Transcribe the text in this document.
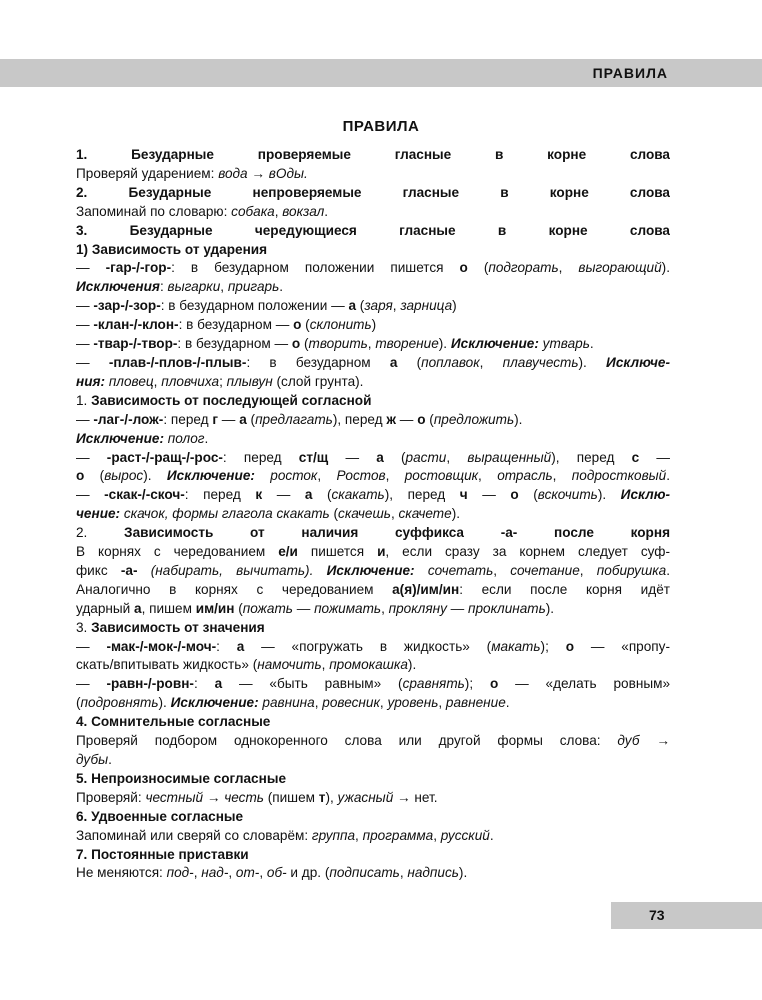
ПРАВИЛА
ПРАВИЛА
1. Безударные проверяемые гласные в корне слова
Проверяй ударением: вода → вОды.
2. Безударные непроверяемые гласные в корне слова
Запоминай по словарю: собака, вокзал.
3. Безударные чередующиеся гласные в корне слова
1) Зависимость от ударения
— -гар-/-гор-: в безударном положении пишется о (подгорать, выгорающий).
Исключения: выгарки, пригарь.
— -зар-/-зор-: в безударном положении — а (заря, зарница)
— -клан-/-клон-: в безударном — о (склонить)
— -твар-/-твор-: в безударном — о (творить, творение). Исключение: утварь.
— -плав-/-плов-/-плыв-: в безударном а (поплавок, плавучесть). Исключе-
ния: пловец, пловчиха; плывун (слой грунта).
1. Зависимость от последующей согласной
— -лаг-/-лож-: перед г — а (предлагать), перед ж — о (предложить).
Исключение: полог.
— -раст-/-ращ-/-рос-: перед ст/щ — а (расти, выращенный), перед с —
о (вырос). Исключение: росток, Ростов, ростовщик, отрасль, подростковый.
— -скак-/-скоч-: перед к — а (скакать), перед ч — о (вскочить). Исклю-
чение: скачок, формы глагола скакать (скачешь, скачете).
2. Зависимость от наличия суффикса -а- после корня
В корнях с чередованием е/и пишется и, если сразу за корнем следует суф-
фикс -а- (набирать, вычитать). Исключение: сочетать, сочетание, побирушка.
Аналогично в корнях с чередованием а(я)/им/ин: если после корня идёт
ударный а, пишем им/ин (пожать — пожимать, прокляну — проклинать).
3. Зависимость от значения
— -мак-/-мок-/-моч-: а — «погружать в жидкость» (макать); о — «пропу-
скать/впитывать жидкость» (намочить, промокашка).
— -равн-/-ровн-: а — «быть равным» (сравнять); о — «делать ровным»
(подровнять). Исключение: равнина, ровесник, уровень, равнение.
4. Сомнительные согласные
Проверяй подбором однокоренного слова или другой формы слова: дуб →
дубы.
5. Непроизносимые согласные
Проверяй: честный → честь (пишем т), ужасный → нет.
6. Удвоенные согласные
Запоминай или сверяй со словарём: группа, программа, русский.
7. Постоянные приставки
Не меняются: под-, над-, от-, об- и др. (подписать, надпись).
73
